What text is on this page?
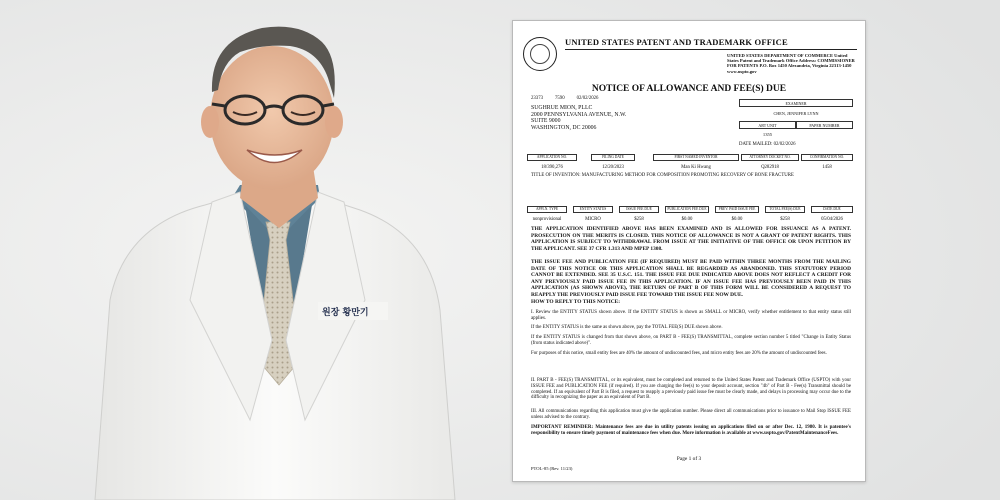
원장 황만기
UNITED STATES PATENT AND TRADEMARK OFFICE
UNITED STATES DEPARTMENT OF COMMERCE United States Patent and Trademark Office Address: COMMISSIONER FOR PATENTS P.O. Box 1450 Alexandria, Virginia 22313-1450 www.uspto.gov
NOTICE OF ALLOWANCE AND FEE(S) DUE
23373	7590	02/02/2026
SUGHRUE MION, PLLC
2000 PENNSYLVANIA AVENUE, N.W.
SUITE 9000
WASHINGTON, DC 20006
EXAMINER
CHEN, JENNIFER LYNN
ART UNIT	PAPER NUMBER
1355
DATE MAILED: 02/02/2026
APPLICATION NO.	FILING DATE	FIRST NAMED INVENTOR	ATTORNEY DOCKET NO.	CONFIRMATION NO.
18/390,276	12/20/2023	Man Ki Hwang	Q282918	1458
TITLE OF INVENTION: MANUFACTURING METHOD FOR COMPOSITION PROMOTING RECOVERY OF BONE FRACTURE
APPLN. TYPE	ENTITY STATUS	ISSUE FEE DUE	PUBLICATION FEE DUE	PREV. PAID ISSUE FEE	TOTAL FEE(S) DUE	DATE DUE
nonprovisional	MICRO	$258	$0.00	$0.00	$258	05/04/2026
THE APPLICATION IDENTIFIED ABOVE HAS BEEN EXAMINED AND IS ALLOWED FOR ISSUANCE AS A PATENT. PROSECUTION ON THE MERITS IS CLOSED. THIS NOTICE OF ALLOWANCE IS NOT A GRANT OF PATENT RIGHTS. THIS APPLICATION IS SUBJECT TO WITHDRAWAL FROM ISSUE AT THE INITIATIVE OF THE OFFICE OR UPON PETITION BY THE APPLICANT. SEE 37 CFR 1.313 AND MPEP 1308.
THE ISSUE FEE AND PUBLICATION FEE (IF REQUIRED) MUST BE PAID WITHIN THREE MONTHS FROM THE MAILING DATE OF THIS NOTICE OR THIS APPLICATION SHALL BE REGARDED AS ABANDONED. THIS STATUTORY PERIOD CANNOT BE EXTENDED. SEE 35 U.S.C. 151. THE ISSUE FEE DUE INDICATED ABOVE DOES NOT REFLECT A CREDIT FOR ANY PREVIOUSLY PAID ISSUE FEE IN THIS APPLICATION. IF AN ISSUE FEE HAS PREVIOUSLY BEEN PAID IN THIS APPLICATION (AS SHOWN ABOVE), THE RETURN OF PART B OF THIS FORM WILL BE CONSIDERED A REQUEST TO REAPPLY THE PREVIOUSLY PAID ISSUE FEE TOWARD THE ISSUE FEE NOW DUE.
HOW TO REPLY TO THIS NOTICE:
I. Review the ENTITY STATUS shown above. If the ENTITY STATUS is shown as SMALL or MICRO, verify whether entitlement to that entity status still applies.
If the ENTITY STATUS is the same as shown above, pay the TOTAL FEE(S) DUE shown above.
If the ENTITY STATUS is changed from that shown above, on PART B - FEE(S) TRANSMITTAL, complete section number 5 titled "Change in Entity Status (from status indicated above)".
For purposes of this notice, small entity fees are 40% the amount of undiscounted fees, and micro entity fees are 20% the amount of undiscounted fees.
II. PART B - FEE(S) TRANSMITTAL, or its equivalent, must be completed and returned to the United States Patent and Trademark Office (USPTO) with your ISSUE FEE and PUBLICATION FEE (if required). If you are charging the fee(s) to your deposit account, section "4b" of Part B - Fee(s) Transmittal should be completed. If an equivalent of Part B is filed, a request to reapply a previously paid issue fee must be clearly made, and delays in processing may occur due to the difficulty in recognizing the paper as an equivalent of Part B.
III. All communications regarding this application must give the application number. Please direct all communications prior to issuance to Mail Stop ISSUE FEE unless advised to the contrary.
IMPORTANT REMINDER: Maintenance fees are due in utility patents issuing on applications filed on or after Dec. 12, 1980. It is patentee's responsibility to ensure timely payment of maintenance fees when due. More information is available at www.uspto.gov/PatentMaintenanceFees.
Page 1 of 3
PTOL-85 (Rev. 11/23)
